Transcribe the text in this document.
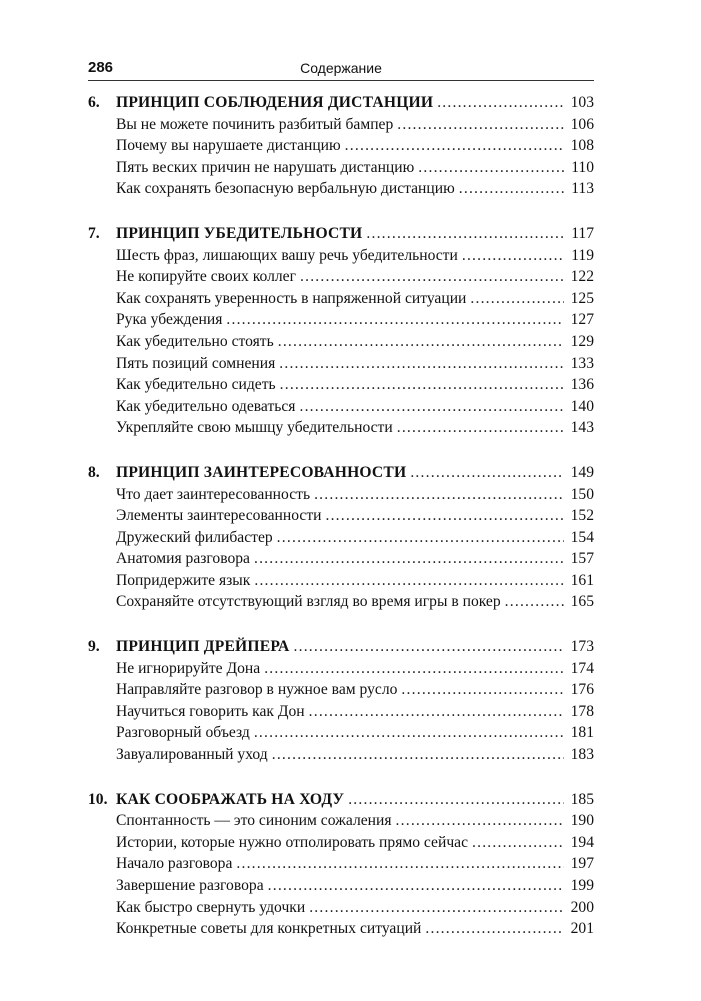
286	Содержание
6.	ПРИНЦИП СОБЛЮДЕНИЯ ДИСТАНЦИИ .....	103
Вы не можете починить разбитый бампер .....	106
Почему вы нарушаете дистанцию .....	108
Пять веских причин не нарушать дистанцию .....	110
Как сохранять безопасную вербальную дистанцию .....	113
7.	ПРИНЦИП УБЕДИТЕЛЬНОСТИ .....	117
Шесть фраз, лишающих вашу речь убедительности .....	119
Не копируйте своих коллег .....	122
Как сохранять уверенность в напряженной ситуации .....	125
Рука убеждения .....	127
Как убедительно стоять .....	129
Пять позиций сомнения .....	133
Как убедительно сидеть .....	136
Как убедительно одеваться .....	140
Укрепляйте свою мышцу убедительности .....	143
8.	ПРИНЦИП ЗАИНТЕРЕСОВАННОСТИ .....	149
Что дает заинтересованность .....	150
Элементы заинтересованности .....	152
Дружеский филибастер .....	154
Анатомия разговора .....	157
Попридержите язык .....	161
Сохраняйте отсутствующий взгляд во время игры в покер .....	165
9.	ПРИНЦИП ДРЕЙПЕРА .....	173
Не игнорируйте Дона .....	174
Направляйте разговор в нужное вам русло .....	176
Научиться говорить как Дон .....	178
Разговорный объезд .....	181
Завуалированный уход .....	183
10. КАК СООБРАЖАТЬ НА ХОДУ .....	185
Спонтанность — это синоним сожаления .....	190
Истории, которые нужно отполировать прямо сейчас .....	194
Начало разговора .....	197
Завершение разговора .....	199
Как быстро свернуть удочки .....	200
Конкретные советы для конкретных ситуаций .....	201
